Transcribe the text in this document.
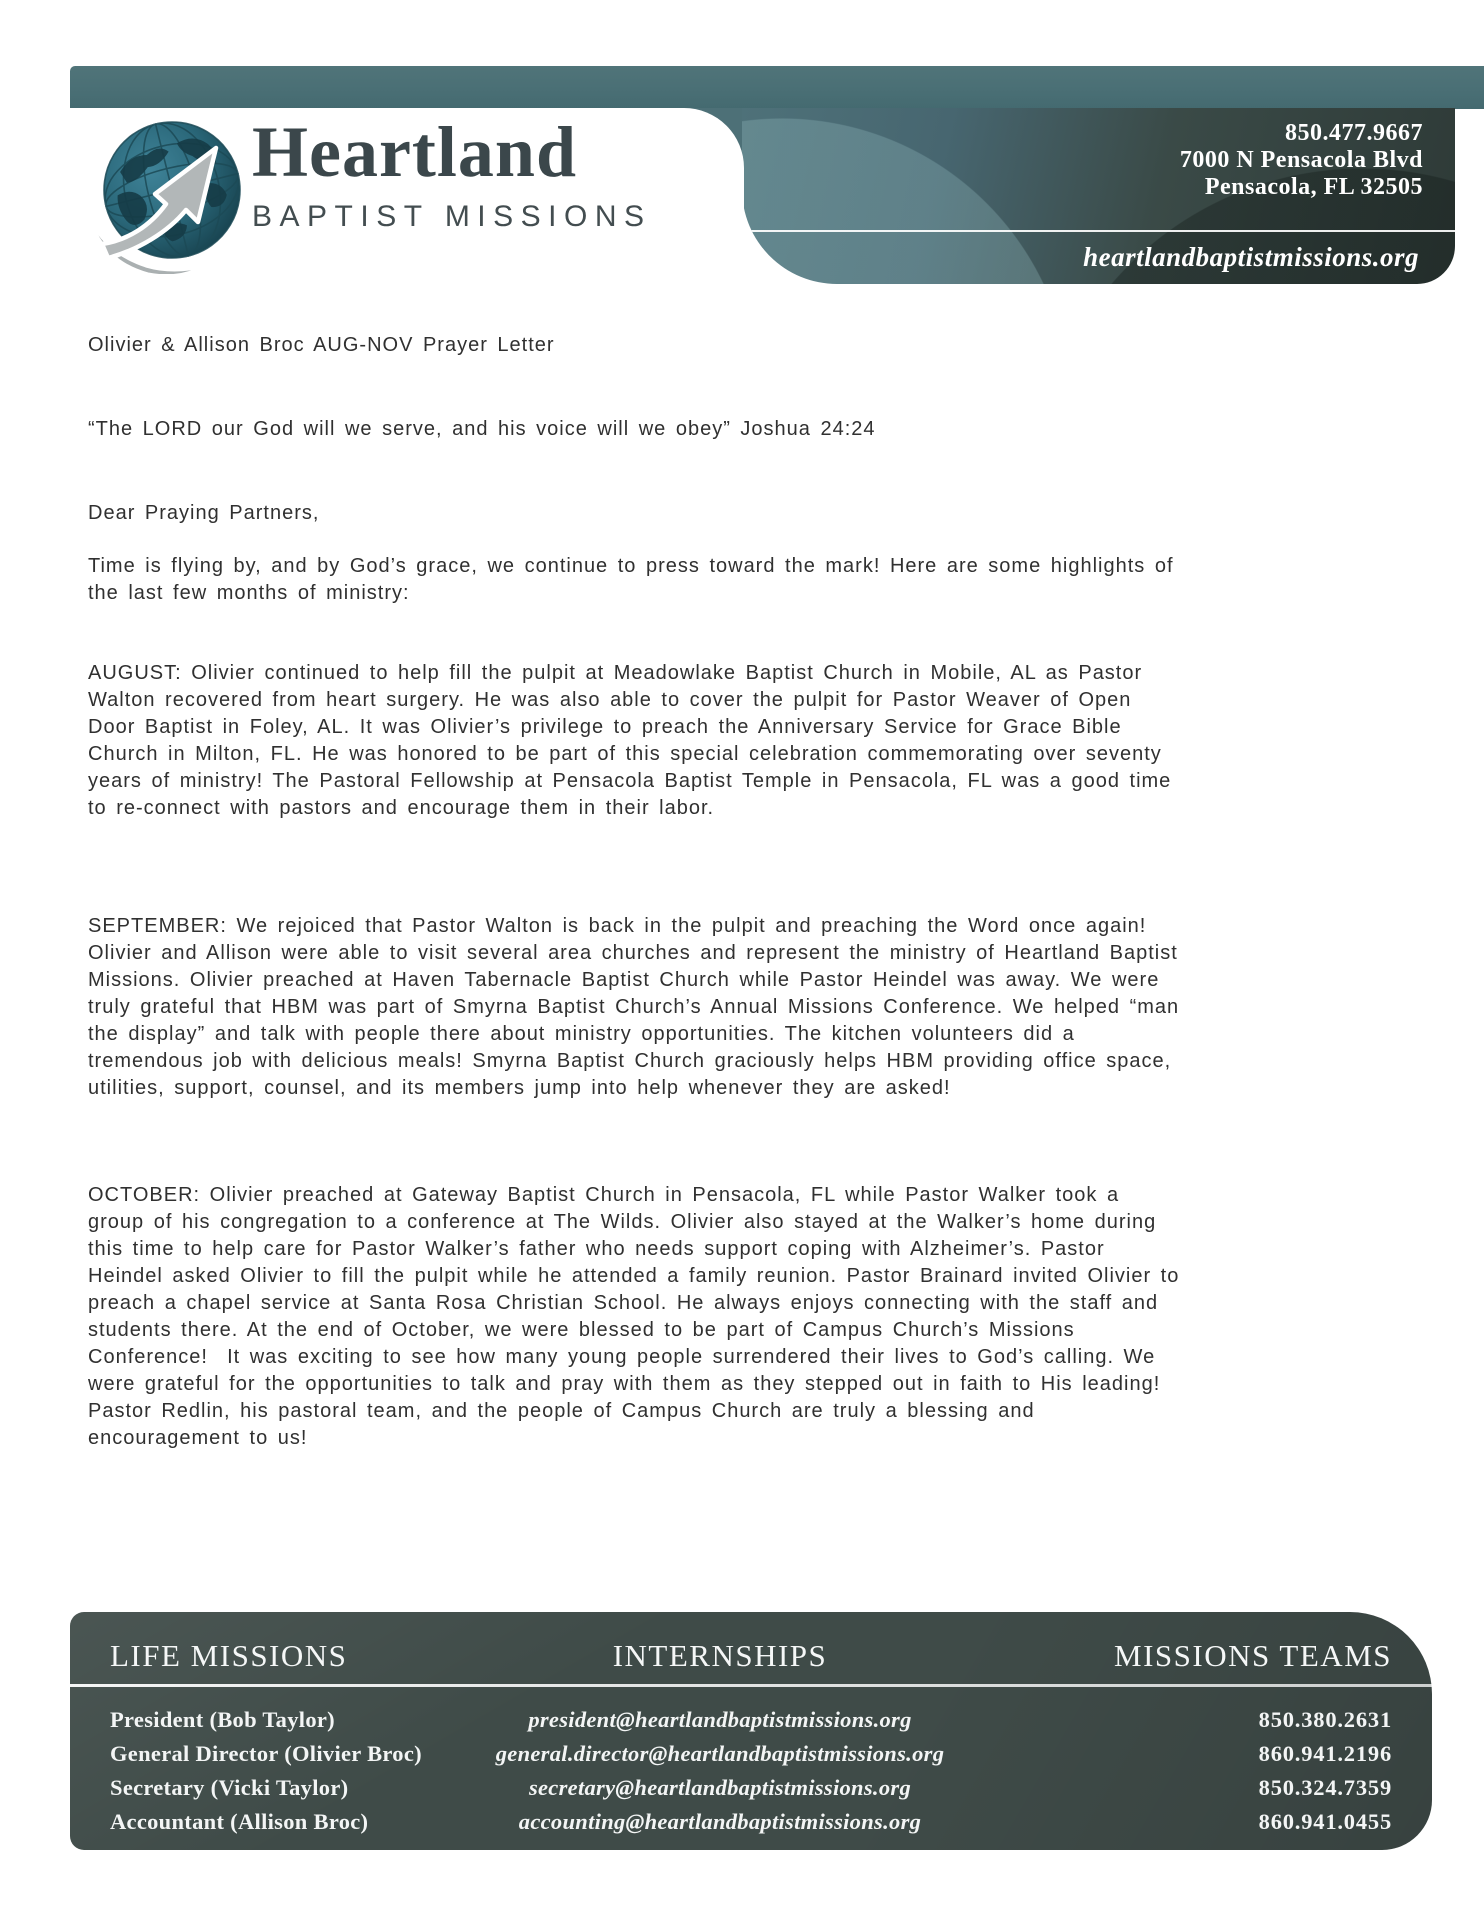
850.477.9667
7000 N Pensacola Blvd
Pensacola, FL 32505
heartlandbaptistmissions.org
Heartland
BAPTIST MISSIONS
Olivier & Allison Broc AUG-NOV Prayer Letter
“The LORD our God will we serve, and his voice will we obey” Joshua 24:24
Dear Praying Partners,
Time is flying by, and by God’s grace, we continue to press toward the mark! Here are some highlights of the last few months of ministry:
AUGUST: Olivier continued to help fill the pulpit at Meadowlake Baptist Church in Mobile, AL as Pastor Walton recovered from heart surgery. He was also able to cover the pulpit for Pastor Weaver of Open Door Baptist in Foley, AL. It was Olivier’s privilege to preach the Anniversary Service for Grace Bible Church in Milton, FL. He was honored to be part of this special celebration commemorating over seventy years of ministry! The Pastoral Fellowship at Pensacola Baptist Temple in Pensacola, FL was a good time to re-connect with pastors and encourage them in their labor.
SEPTEMBER: We rejoiced that Pastor Walton is back in the pulpit and preaching the Word once again! Olivier and Allison were able to visit several area churches and represent the ministry of Heartland Baptist Missions. Olivier preached at Haven Tabernacle Baptist Church while Pastor Heindel was away. We were truly grateful that HBM was part of Smyrna Baptist Church’s Annual Missions Conference. We helped “man the display” and talk with people there about ministry opportunities. The kitchen volunteers did a tremendous job with delicious meals! Smyrna Baptist Church graciously helps HBM providing office space, utilities, support, counsel, and its members jump into help whenever they are asked!
OCTOBER: Olivier preached at Gateway Baptist Church in Pensacola, FL while Pastor Walker took a group of his congregation to a conference at The Wilds. Olivier also stayed at the Walker’s home during this time to help care for Pastor Walker’s father who needs support coping with Alzheimer’s. Pastor Heindel asked Olivier to fill the pulpit while he attended a family reunion. Pastor Brainard invited Olivier to preach a chapel service at Santa Rosa Christian School. He always enjoys connecting with the staff and students there. At the end of October, we were blessed to be part of Campus Church’s Missions Conference!  It was exciting to see how many young people surrendered their lives to God’s calling. We were grateful for the opportunities to talk and pray with them as they stepped out in faith to His leading! Pastor Redlin, his pastoral team, and the people of Campus Church are truly a blessing and encouragement to us!
LIFE MISSIONS	INTERNSHIPS	MISSIONS TEAMS
President (Bob Taylor)	president@heartlandbaptistmissions.org	850.380.2631
General Director (Olivier Broc)	general.director@heartlandbaptistmissions.org	860.941.2196
Secretary (Vicki Taylor)	secretary@heartlandbaptistmissions.org	850.324.7359
Accountant (Allison Broc)	accounting@heartlandbaptistmissions.org	860.941.0455
